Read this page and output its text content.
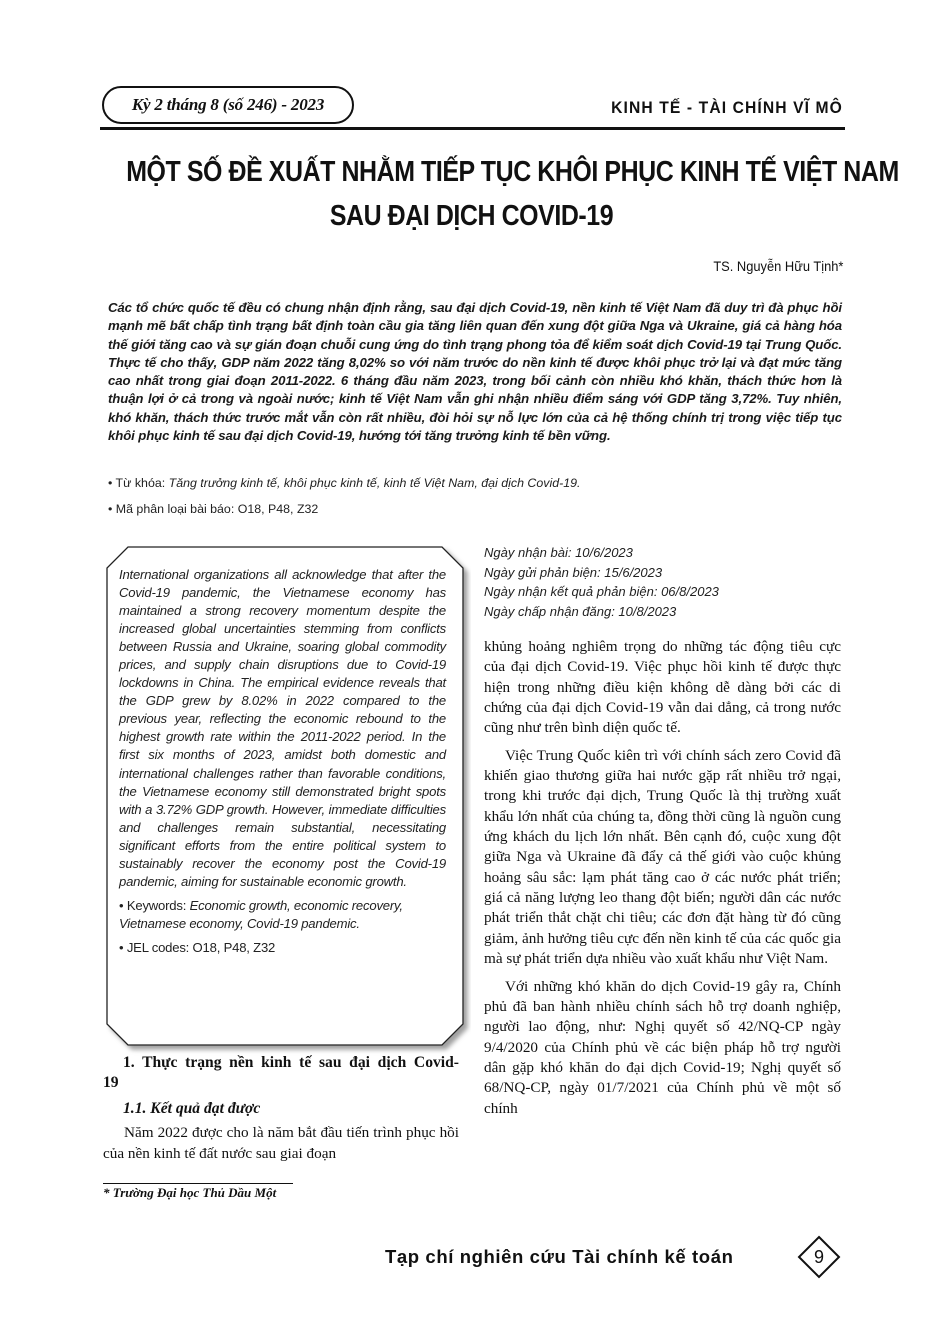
Kỳ 2 tháng 8 (số 246) - 2023	KINH TẾ - TÀI CHÍNH VĨ MÔ
MỘT SỐ ĐỀ XUẤT NHẰM TIẾP TỤC KHÔI PHỤC KINH TẾ VIỆT NAM
SAU ĐẠI DỊCH COVID-19
TS. Nguyễn Hữu Tịnh*

Các tổ chức quốc tế đều có chung nhận định rằng, sau đại dịch Covid-19, nền kinh tế Việt Nam đã duy trì đà phục hồi mạnh mẽ bất chấp tình trạng bất định toàn cầu gia tăng liên quan đến xung đột giữa Nga và Ukraine, giá cả hàng hóa thế giới tăng cao và sự gián đoạn chuỗi cung ứng do tình trạng phong tỏa để kiểm soát dịch Covid-19 tại Trung Quốc. Thực tế cho thấy, GDP năm 2022 tăng 8,02% so với năm trước do nền kinh tế được khôi phục trở lại và đạt mức tăng cao nhất trong giai đoạn 2011-2022. 6 tháng đầu năm 2023, trong bối cảnh còn nhiều khó khăn, thách thức hơn là thuận lợi ở cả trong và ngoài nước; kinh tế Việt Nam vẫn ghi nhận nhiều điểm sáng với GDP tăng 3,72%. Tuy nhiên, khó khăn, thách thức trước mắt vẫn còn rất nhiều, đòi hỏi sự nỗ lực lớn của cả hệ thống chính trị trong việc tiếp tục khôi phục kinh tế sau đại dịch Covid-19, hướng tới tăng trưởng kinh tế bền vững.

• Từ khóa: Tăng trưởng kinh tế, khôi phục kinh tế, kinh tế Việt Nam, đại dịch Covid-19.
• Mã phân loại bài báo: O18, P48, Z32

International organizations all acknowledge that after the Covid-19 pandemic, the Vietnamese economy has maintained a strong recovery momentum despite the increased global uncertainties stemming from conflicts between Russia and Ukraine, soaring global commodity prices, and supply chain disruptions due to Covid-19 lockdowns in China. The empirical evidence reveals that the GDP grew by 8.02% in 2022 compared to the previous year, reflecting the economic rebound to the highest growth rate within the 2011-2022 period. In the first six months of 2023, amidst both domestic and international challenges rather than favorable conditions, the Vietnamese economy still demonstrated bright spots with a 3.72% GDP growth. However, immediate difficulties and challenges remain substantial, necessitating significant efforts from the entire political system to sustainably recover the economy post the Covid-19 pandemic, aiming for sustainable economic growth.

• Keywords: Economic growth, economic recovery, Vietnamese economy, Covid-19 pandemic.

• JEL codes: O18, P48, Z32

Ngày nhận bài: 10/6/2023
Ngày gửi phản biện: 15/6/2023
Ngày nhận kết quả phản biện: 06/8/2023
Ngày chấp nhận đăng: 10/8/2023
1. Thực trạng nền kinh tế sau đại dịch Covid-19
1.1. Kết quả đạt được

Năm 2022 được cho là năm bắt đầu tiến trình phục hồi của nền kinh tế đất nước sau giai đoạn

khủng hoảng nghiêm trọng do những tác động tiêu cực của đại dịch Covid-19. Việc phục hồi kinh tế được thực hiện trong những điều kiện không dễ dàng bởi các di chứng của đại dịch Covid-19 vẫn dai dẳng, cả trong nước cũng như trên bình diện quốc tế.

Việc Trung Quốc kiên trì với chính sách zero Covid đã khiến giao thương giữa hai nước gặp rất nhiều trở ngại, trong khi trước đại dịch, Trung Quốc là thị trường xuất khẩu lớn nhất của chúng ta, đồng thời cũng là nguồn cung ứng khách du lịch lớn nhất. Bên cạnh đó, cuộc xung đột giữa Nga và Ukraine đã đẩy cả thế giới vào cuộc khủng hoảng sâu sắc: lạm phát tăng cao ở các nước phát triển; giá cả năng lượng leo thang đột biến; người dân các nước phát triển thắt chặt chi tiêu; các đơn đặt hàng từ đó cũng giảm, ảnh hưởng tiêu cực đến nền kinh tế của các quốc gia mà sự phát triển dựa nhiều vào xuất khẩu như Việt Nam.

Với những khó khăn do dịch Covid-19 gây ra, Chính phủ đã ban hành nhiều chính sách hỗ trợ doanh nghiệp, người lao động, như: Nghị quyết số 42/NQ-CP ngày 9/4/2020 của Chính phủ về các biện pháp hỗ trợ người dân gặp khó khăn do đại dịch Covid-19; Nghị quyết số 68/NQ-CP, ngày 01/7/2021 của Chính phủ về một số chính

* Trường Đại học Thủ Dầu Một
Tạp chí nghiên cứu Tài chính kế toán	9
